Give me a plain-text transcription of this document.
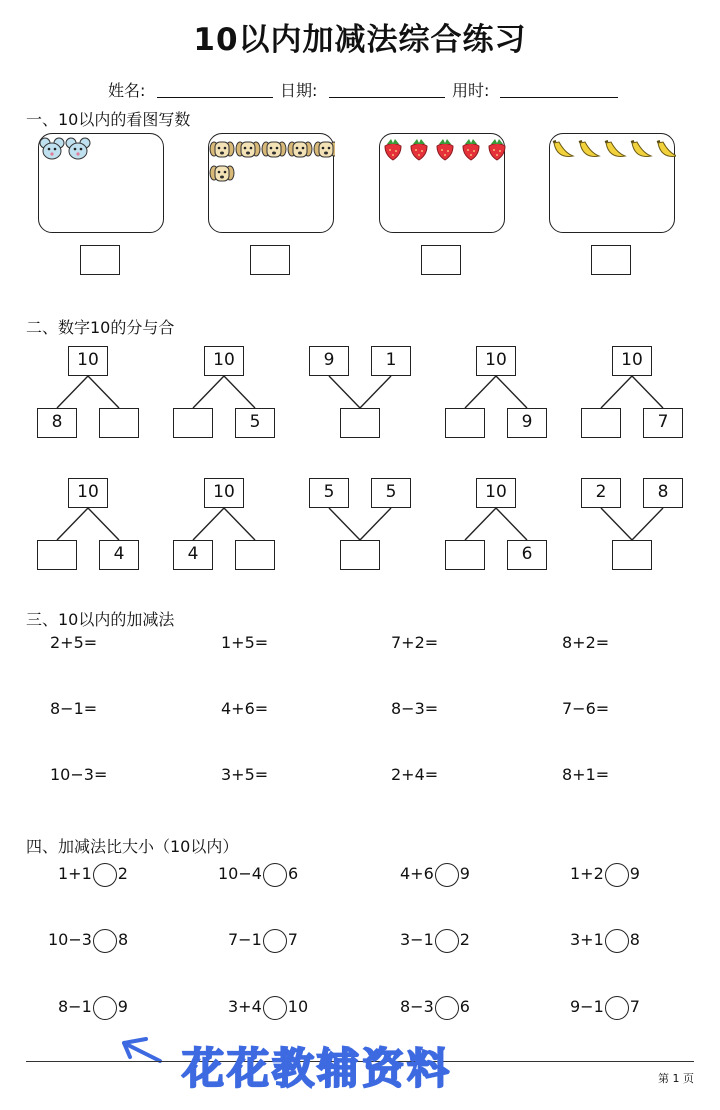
10以内加减法综合练习
姓名:	日期:	用时:
一、10以内的看图写数
二、数字10的分与合
10
8
10
5
9	1	10
9
10
7
10
4
10
4
5	5	10
6
2	8
三、10以内的加减法
2+5=	1+5=	7+2=	8+2=
8−1=	4+6=	8−3=	7−6=
10−3=	3+5=	2+4=	8+1=
四、加减法比大小（10以内）
1+1 2	10−4 6	4+6 9	1+2 9
10−3 8	7−1 7	3−1 2	3+1 8
8−1 9	3+4 10	8−3 6	9−1 7
花花教辅资料	第 1 页
